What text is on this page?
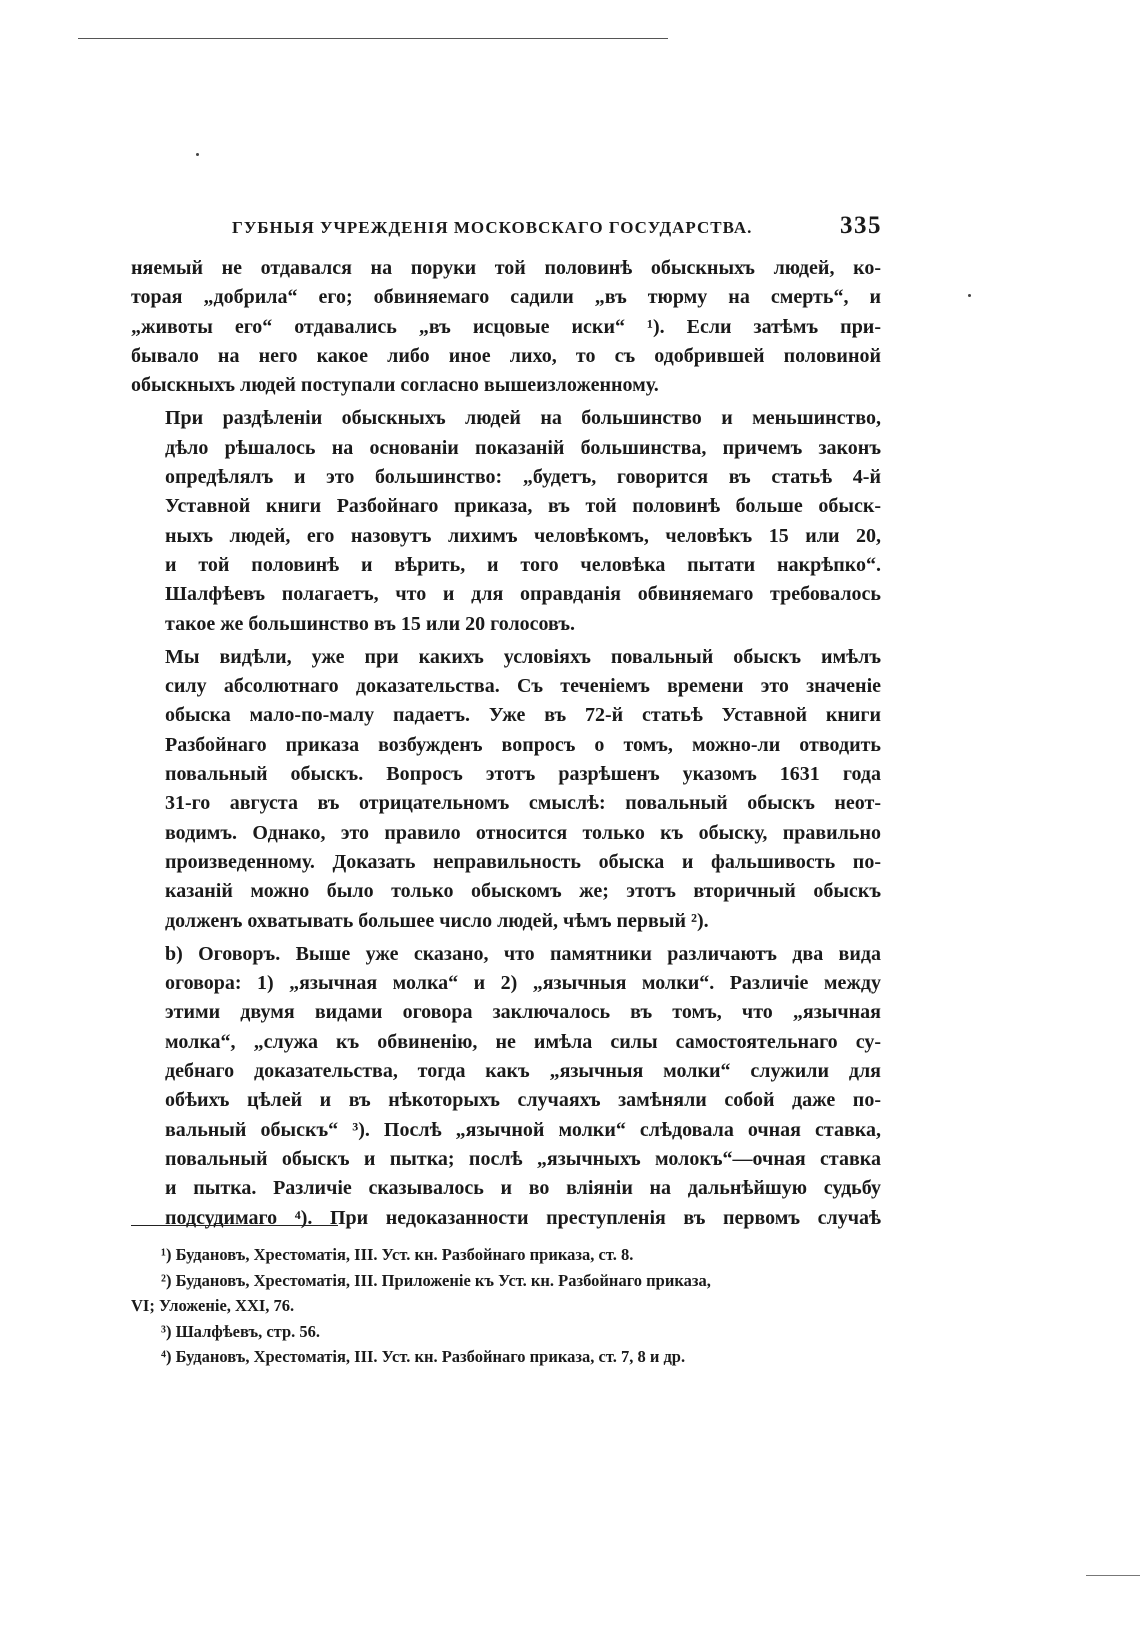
ГУБНЫЯ УЧРЕЖДЕНІЯ МОСКОВСКАГО ГОСУДАРСТВА.	335

няемый не отдавался на поруки той половинѣ обыскныхъ людей, ко-
торая „добрила“ его; обвиняемаго садили „въ тюрму на смерть“, и
„животы его“ отдавались „въ исцовые иски“ ¹). Если затѣмъ при-
бывало на него какое либо иное лихо, то съ одобрившей половиной
обыскныхъ людей поступали согласно вышеизложенному.

При раздѣленіи обыскныхъ людей на большинство и меньшинство,
дѣло рѣшалось на основаніи показаній большинства, причемъ законъ
опредѣлялъ и это большинство: „будетъ, говорится въ статьѣ 4-й
Уставной книги Разбойнаго приказа, въ той половинѣ больше обыск-
ныхъ людей, его назовутъ лихимъ человѣкомъ, человѣкъ 15 или 20,
и той половинѣ и вѣрить, и того человѣка пытати накрѣпко“.
Шалфѣевъ полагаетъ, что и для оправданія обвиняемаго требовалось
такое же большинство въ 15 или 20 голосовъ.

Мы видѣли, уже при какихъ условіяхъ повальный обыскъ имѣлъ
силу абсолютнаго доказательства. Съ теченіемъ времени это значеніе
обыска мало-по-малу падаетъ. Уже въ 72-й статьѣ Уставной книги
Разбойнаго приказа возбужденъ вопросъ о томъ, можно-ли отводить
повальный обыскъ. Вопросъ этотъ разрѣшенъ указомъ 1631 года
31-го августа въ отрицательномъ смыслѣ: повальный обыскъ неот-
водимъ. Однако, это правило относится только къ обыску, правильно
произведенному. Доказать неправильность обыска и фальшивость по-
казаній можно было только обыскомъ же; этотъ вторичный обыскъ
долженъ охватывать большее число людей, чѣмъ первый ²).

b) Оговоръ. Выше уже сказано, что памятники различаютъ два вида
оговора: 1) „язычная молка“ и 2) „язычныя молки“. Различіе между
этими двумя видами оговора заключалось въ томъ, что „язычная
молка“, „служа къ обвиненію, не имѣла силы самостоятельнаго су-
дебнаго доказательства, тогда какъ „язычныя молки“ служили для
обѣихъ цѣлей и въ нѣкоторыхъ случаяхъ замѣняли собой даже по-
вальный обыскъ“ ³). Послѣ „язычной молки“ слѣдовала очная ставка,
повальный обыскъ и пытка; послѣ „язычныхъ молокъ“—очная ставка
и пытка. Различіе сказывалось и во вліяніи на дальнѣйшую судьбу
подсудимаго ⁴). При недоказанности преступленія въ первомъ случаѣ

¹) Будановъ, Хрестоматія, III. Уст. кн. Разбойнаго приказа, ст. 8.
²) Будановъ, Хрестоматія, III. Приложеніе къ Уст. кн. Разбойнаго приказа,
VI; Уложеніе, XXI, 76.
³) Шалфѣевъ, стр. 56.
⁴) Будановъ, Хрестоматія, III. Уст. кн. Разбойнаго приказа, ст. 7, 8 и др.
